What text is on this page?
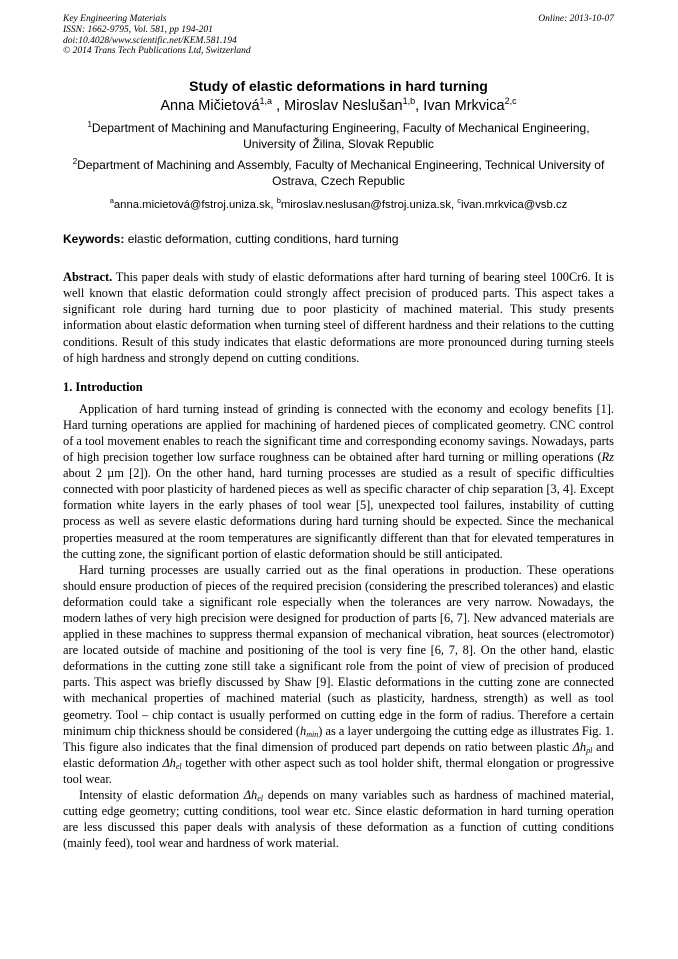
Key Engineering Materials
ISSN: 1662-9795, Vol. 581, pp 194-201
doi:10.4028/www.scientific.net/KEM.581.194
© 2014 Trans Tech Publications Ltd, Switzerland
Online: 2013-10-07
Study of elastic deformations in hard turning
Anna Mičietová$^{1,a}$ , Miroslav Neslušan$^{1,b}$, Ivan Mrkvica$^{2,c}$
$^1$Department of Machining and Manufacturing Engineering, Faculty of Mechanical Engineering, University of Žilina, Slovak Republic
$^2$Department of Machining and Assembly, Faculty of Mechanical Engineering, Technical University of Ostrava, Czech Republic
$^a$anna.micietová@fstroj.uniza.sk, $^b$miroslav.neslusan@fstroj.uniza.sk, $^c$ivan.mrkvica@vsb.cz
Keywords: elastic deformation, cutting conditions, hard turning
Abstract. This paper deals with study of elastic deformations after hard turning of bearing steel 100Cr6. It is well known that elastic deformation could strongly affect precision of produced parts. This aspect takes a significant role during hard turning due to poor plasticity of machined material. This study presents information about elastic deformation when turning steel of different hardness and their relations to the cutting conditions. Result of this study indicates that elastic deformations are more pronounced during turning steels of high hardness and strongly depend on cutting conditions.
1. Introduction

Application of hard turning instead of grinding is connected with the economy and ecology benefits [1]. Hard turning operations are applied for machining of hardened pieces of complicated geometry. CNC control of a tool movement enables to reach the significant time and corresponding economy savings. Nowadays, parts of high precision together low surface roughness can be obtained after hard turning or milling operations (Rz about 2 µm [2]). On the other hand, hard turning processes are studied as a result of specific difficulties connected with poor plasticity of hardened pieces as well as specific character of chip separation [3, 4]. Except formation white layers in the early phases of tool wear [5], unexpected tool failures, instability of cutting process as well as severe elastic deformations during hard turning should be expected. Since the mechanical properties measured at the room temperatures are significantly different than that for elevated temperatures in the cutting zone, the significant portion of elastic deformation should be still anticipated.

Hard turning processes are usually carried out as the final operations in production. These operations should ensure production of pieces of the required precision (considering the prescribed tolerances) and elastic deformation could take a significant role especially when the tolerances are very narrow. Nowadays, the modern lathes of very high precision were designed for production of parts [6, 7]. New advanced materials are applied in these machines to suppress thermal expansion of mechanical vibration, heat sources (electromotor) are located outside of machine and positioning of the tool is very fine [6, 7, 8]. On the other hand, elastic deformations in the cutting zone still take a significant role from the point of view of precision of produced parts. This aspect was briefly discussed by Shaw [9]. Elastic deformations in the cutting zone are connected with mechanical properties of machined material (such as plasticity, hardness, strength) as well as tool geometry. Tool – chip contact is usually performed on cutting edge in the form of radius. Therefore a certain minimum chip thickness should be considered $(h_{min})$ as a layer undergoing the cutting edge as illustrates Fig. 1. This figure also indicates that the final dimension of produced part depends on ratio between plastic $\Delta h_{pl}$ and elastic deformation $\Delta h_{el}$ together with other aspect such as tool holder shift, thermal elongation or progressive tool wear.

Intensity of elastic deformation $\Delta h_{el}$ depends on many variables such as hardness of machined material, cutting edge geometry; cutting conditions, tool wear etc. Since elastic deformation in hard turning operation are less discussed this paper deals with analysis of these deformation as a function of cutting conditions (mainly feed), tool wear and hardness of work material.
